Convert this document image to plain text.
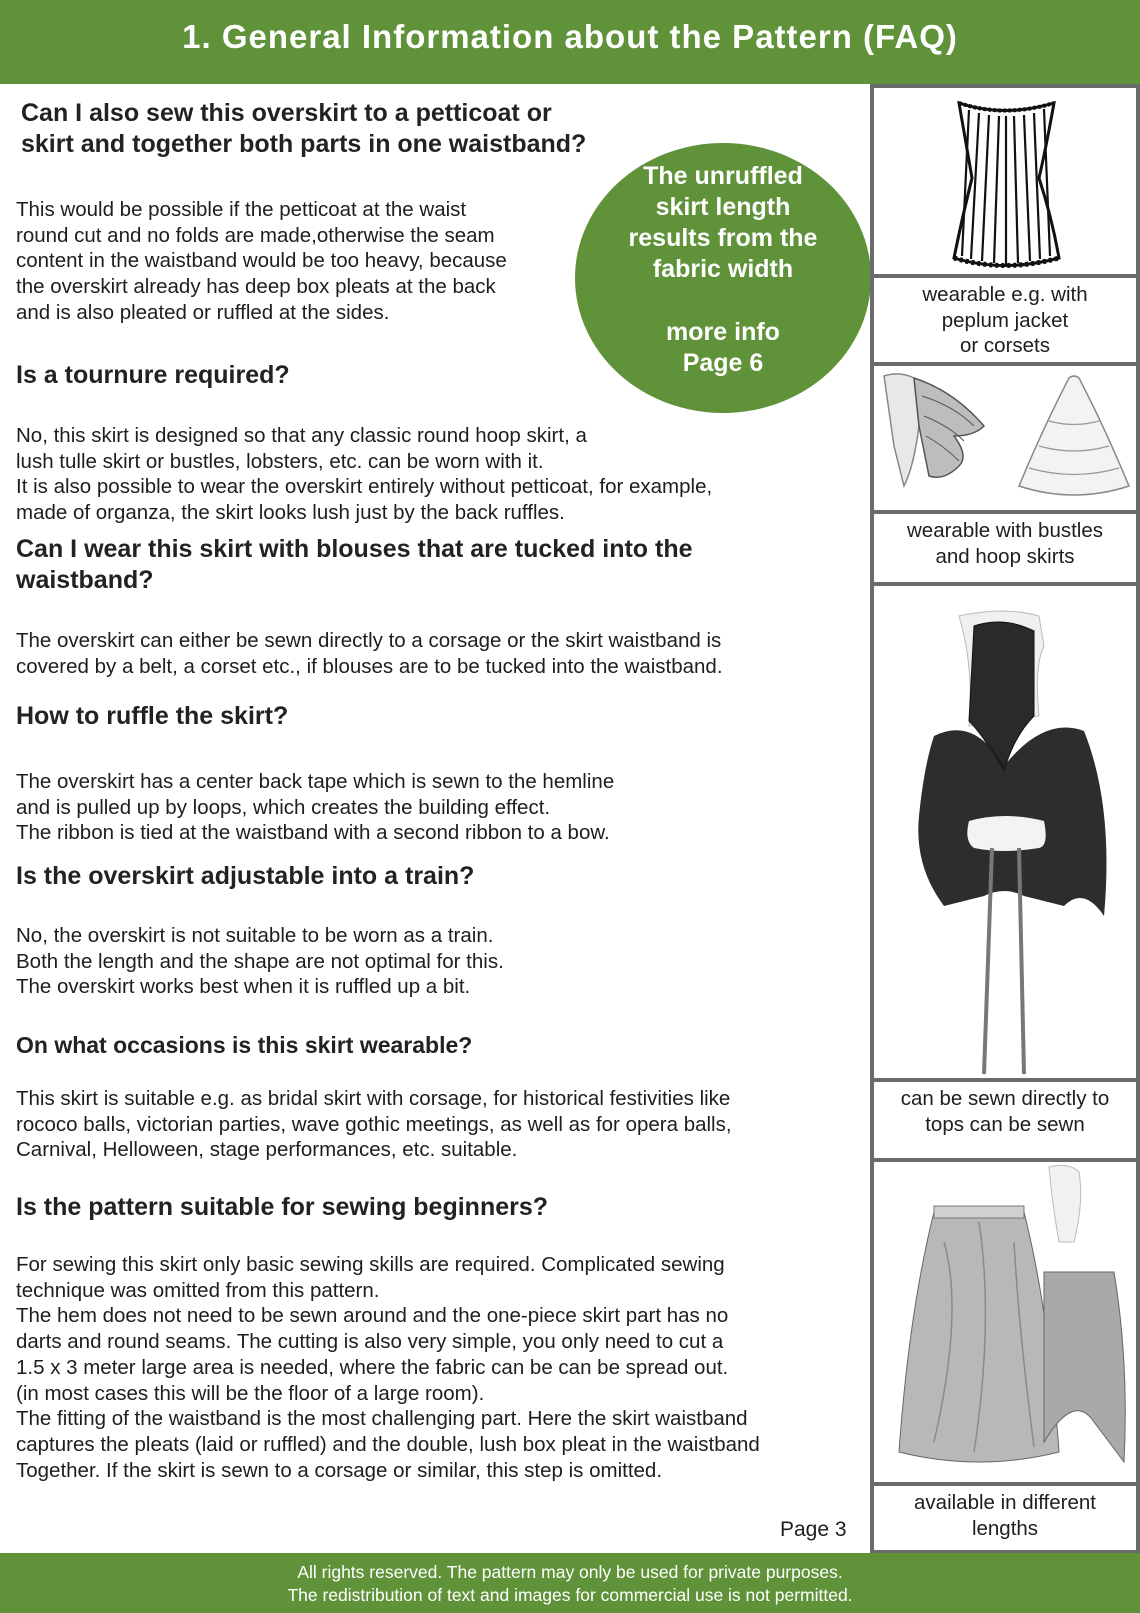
1. General Information about the Pattern (FAQ)
Can I also sew this overskirt to a petticoat or
skirt and together both parts in one waistband?

This would be possible if the petticoat at the waist
round cut and no folds are made,otherwise the seam
content in the waistband would be too heavy, because
the overskirt already has deep box pleats at the back
and is also pleated or ruffled at the sides.

Is a tournure required?

No, this skirt is designed so that any classic round hoop skirt, a
lush tulle skirt or bustles, lobsters, etc. can be worn with it.
It is also possible to wear the overskirt entirely without petticoat, for example,
made of organza, the skirt looks lush just by the back ruffles.

Can I wear this skirt with blouses that are tucked into the
waistband?

The overskirt can either be sewn directly to a corsage or the skirt waistband is
covered by a belt, a corset etc., if blouses are to be tucked into the waistband.

How to ruffle the skirt?

The overskirt has a center back tape which is sewn to the hemline
and is pulled up by loops, which creates the building effect.
The ribbon is tied at the waistband with a second ribbon to a bow.

Is the overskirt adjustable into a train?

No, the overskirt is not suitable to be worn as a train.
Both the length and the shape are not optimal for this.
The overskirt works best when it is ruffled up a bit.

On what occasions is this skirt wearable?

This skirt is suitable e.g. as bridal skirt with corsage, for historical festivities like
rococo balls, victorian parties, wave gothic meetings, as well as for opera balls,
Carnival, Helloween, stage performances, etc. suitable.

Is the pattern suitable for sewing beginners?

For sewing this skirt only basic sewing skills are required. Complicated sewing
technique was omitted from this pattern.
The hem does not need to be sewn around and the one-piece skirt part has no
darts and round seams. The cutting is also very simple, you only need to cut a
1.5 x 3 meter large area is needed, where the fabric can be can be spread out.
(in most cases this will be the floor of a large room).
The fitting of the waistband is the most challenging part. Here the skirt waistband
captures the pleats (laid or ruffled) and the double, lush box pleat in the waistband
Together. If the skirt is sewn to a corsage or similar, this step is omitted.

The unruffled
skirt length
results from the
fabric width
more info
Page 6
wearable e.g. with
peplum jacket
or corsets
wearable with bustles
and hoop skirts
can be sewn directly to
tops can be sewn
available in different
lengths
Page 3
All rights reserved. The pattern may only be used for private purposes.
The redistribution of text and images for commercial use is not permitted.
